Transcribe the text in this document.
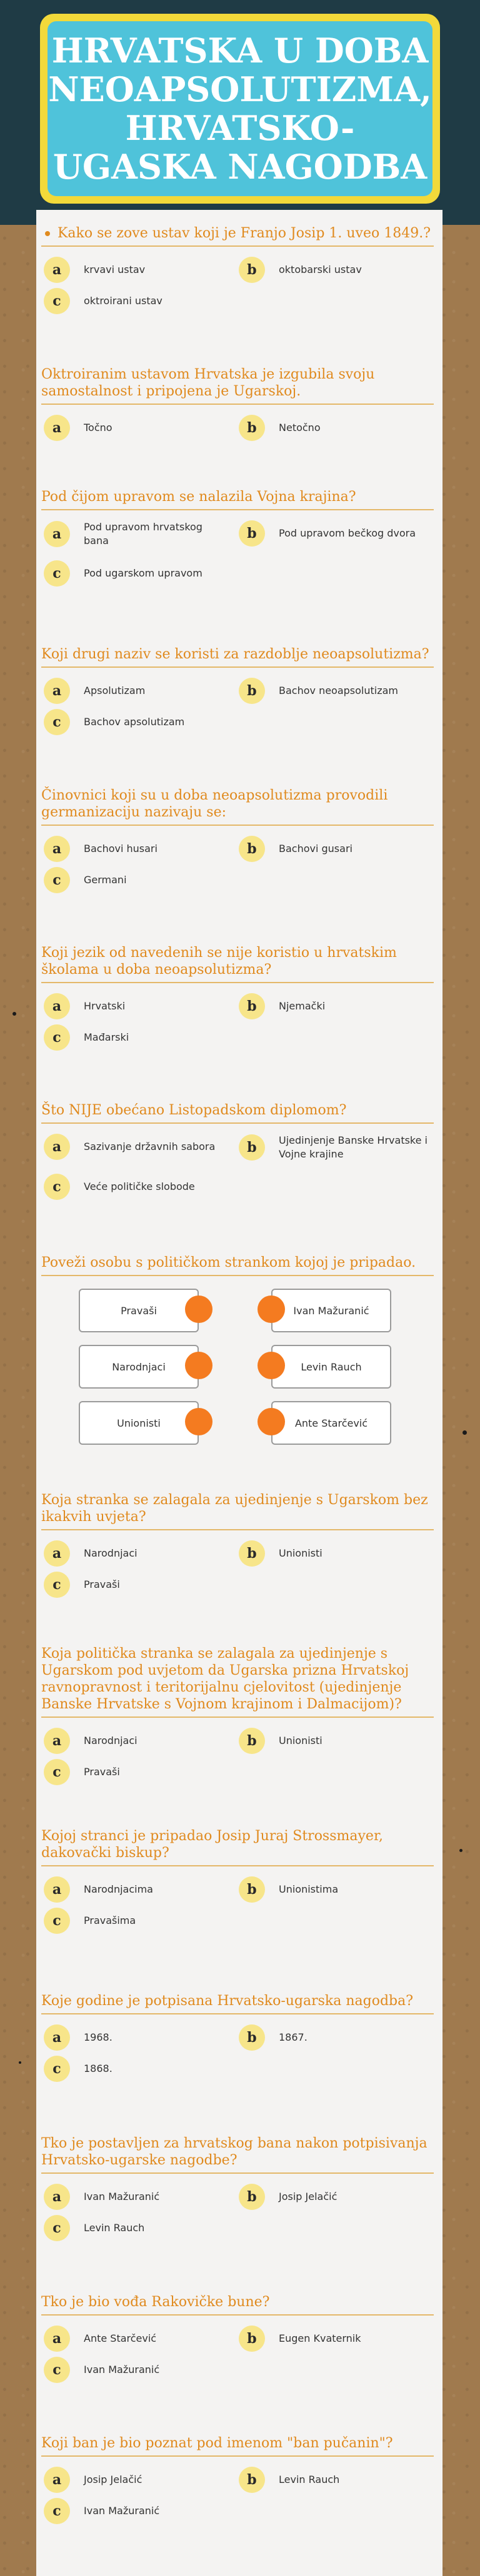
HRVATSKA U DOBA
NEOAPSOLUTIZMA,
HRVATSKO-
UGASKA NAGODBA

Kako se zove ustav koji je Franjo Josip 1. uveo 1849.?

a	krvavi ustav	b	oktobarski ustav
c	oktroirani ustav

Oktroiranim ustavom Hrvatska je izgubila svoju samostalnost i pripojena je Ugarskoj.

a	Točno	b	Netočno

Pod čijom upravom se nalazila Vojna krajina?

a	Pod upravom hrvatskog bana	b	Pod upravom bečkog dvora
c	Pod ugarskom upravom

Koji drugi naziv se koristi za razdoblje neoapsolutizma?

a	Apsolutizam	b	Bachov neoapsolutizam
c	Bachov apsolutizam

Činovnici koji su u doba neoapsolutizma provodili germanizaciju nazivaju se:

a	Bachovi husari	b	Bachovi gusari
c	Germani

Koji jezik od navedenih se nije koristio u hrvatskim školama u doba neoapsolutizma?

a	Hrvatski	b	Njemački
c	Mađarski

Što NIJE obećano Listopadskom diplomom?

a	Sazivanje državnih sabora	b	Ujedinjenje Banske Hrvatske i Vojne krajine
c	Veće političke slobode

Poveži osobu s političkom strankom kojoj je pripadao.

Pravaši	Ivan Mažuranić
Narodnjaci	Levin Rauch
Unionisti	Ante Starčević

Koja stranka se zalagala za ujedinjenje s Ugarskom bez ikakvih uvjeta?

a	Narodnjaci	b	Unionisti
c	Pravaši

Koja politička stranka se zalagala za ujedinjenje s Ugarskom pod uvjetom da Ugarska prizna Hrvatskoj ravnopravnost i teritorijalnu cjelovitost (ujedinjenje Banske Hrvatske s Vojnom krajinom i Dalmacijom)?

a	Narodnjaci	b	Unionisti
c	Pravaši

Kojoj stranci je pripadao Josip Juraj Strossmayer, dakovački biskup?

a	Narodnjacima	b	Unionistima
c	Pravašima

Koje godine je potpisana Hrvatsko-ugarska nagodba?

a	1968.	b	1867.
c	1868.

Tko je postavljen za hrvatskog bana nakon potpisivanja Hrvatsko-ugarske nagodbe?

a	Ivan Mažuranić	b	Josip Jelačić
c	Levin Rauch

Tko je bio vođa Rakovičke bune?

a	Ante Starčević	b	Eugen Kvaternik
c	Ivan Mažuranić

Koji ban je bio poznat pod imenom "ban pučanin"?

a	Josip Jelačić	b	Levin Rauch
c	Ivan Mažuranić
